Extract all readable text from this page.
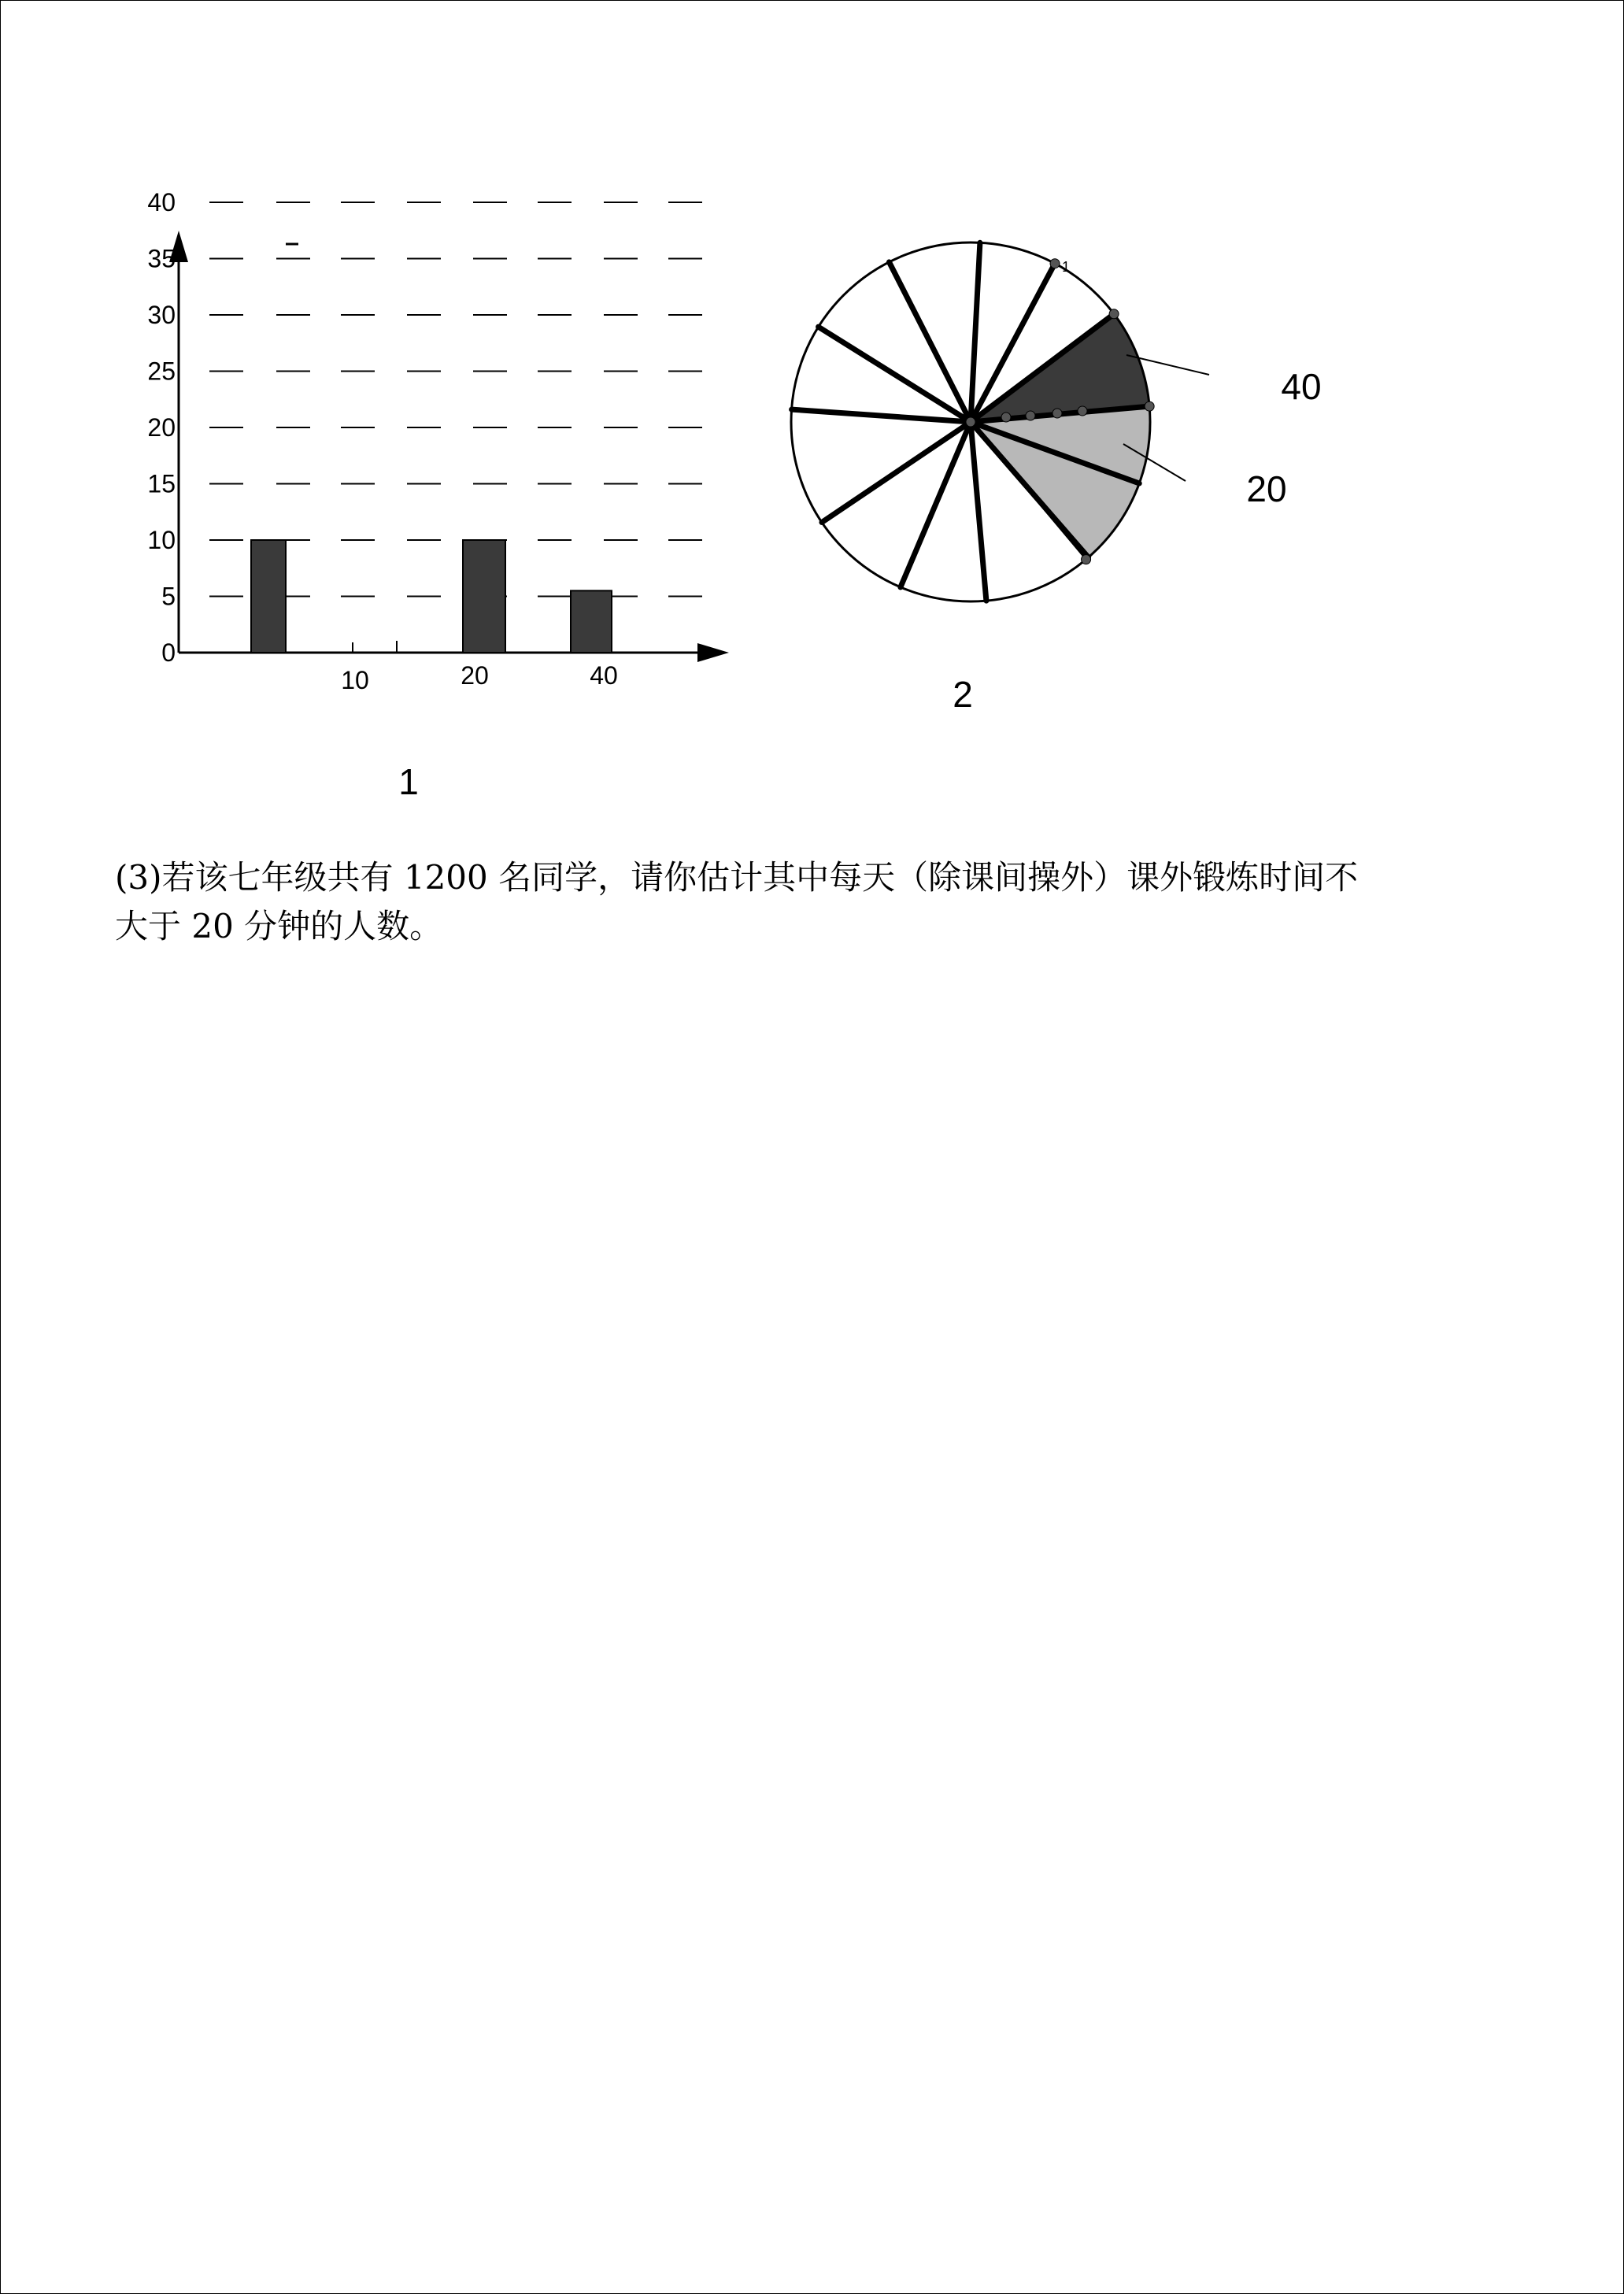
0
5
10
15
20
25
30
35
40
10	20	40
1
40
20
1
2

(3)若该七年级共有 1200 名同学，请你估计其中每天（除课间操外）课外锻炼时间不
大于 20 分钟的人数。
